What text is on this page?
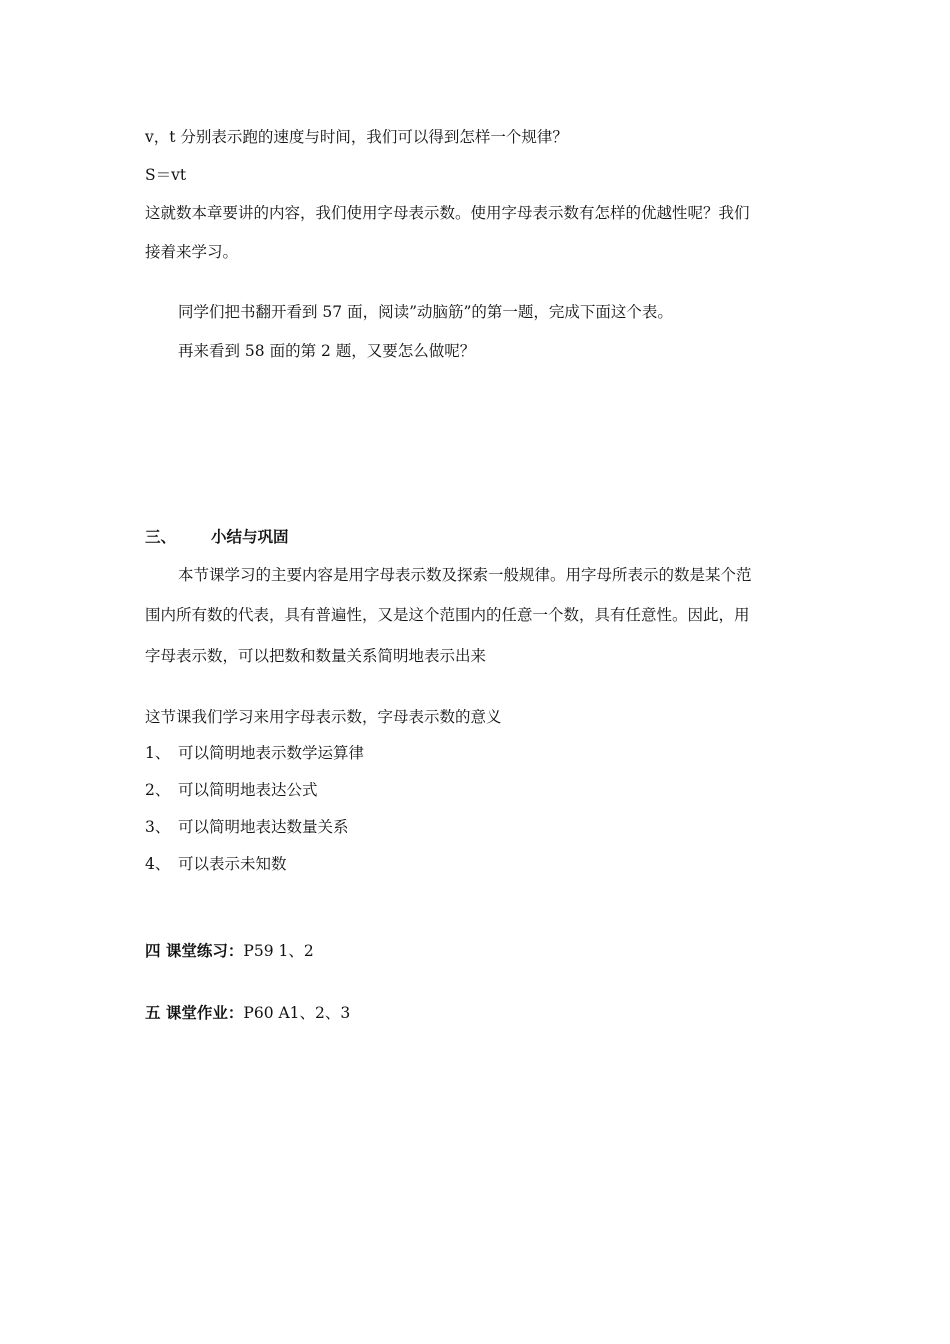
v，t 分别表示跑的速度与时间，我们可以得到怎样一个规律？
S＝vt
这就数本章要讲的内容，我们使用字母表示数。使用字母表示数有怎样的优越性呢？我们
接着来学习。
同学们把书翻开看到 57 面，阅读”动脑筋”的第一题，完成下面这个表。
再来看到 58 面的第 2 题，又要怎么做呢？
三、 小结与巩固
本节课学习的主要内容是用字母表示数及探索一般规律。用字母所表示的数是某个范
围内所有数的代表，具有普遍性，又是这个范围内的任意一个数，具有任意性。因此，用
字母表示数，可以把数和数量关系简明地表示出来
这节课我们学习来用字母表示数，字母表示数的意义
1、 可以简明地表示数学运算律
2、 可以简明地表达公式
3、 可以简明地表达数量关系
4、 可以表示未知数
四 课堂练习：P59 1、2
五 课堂作业：P60 A1、2、3
